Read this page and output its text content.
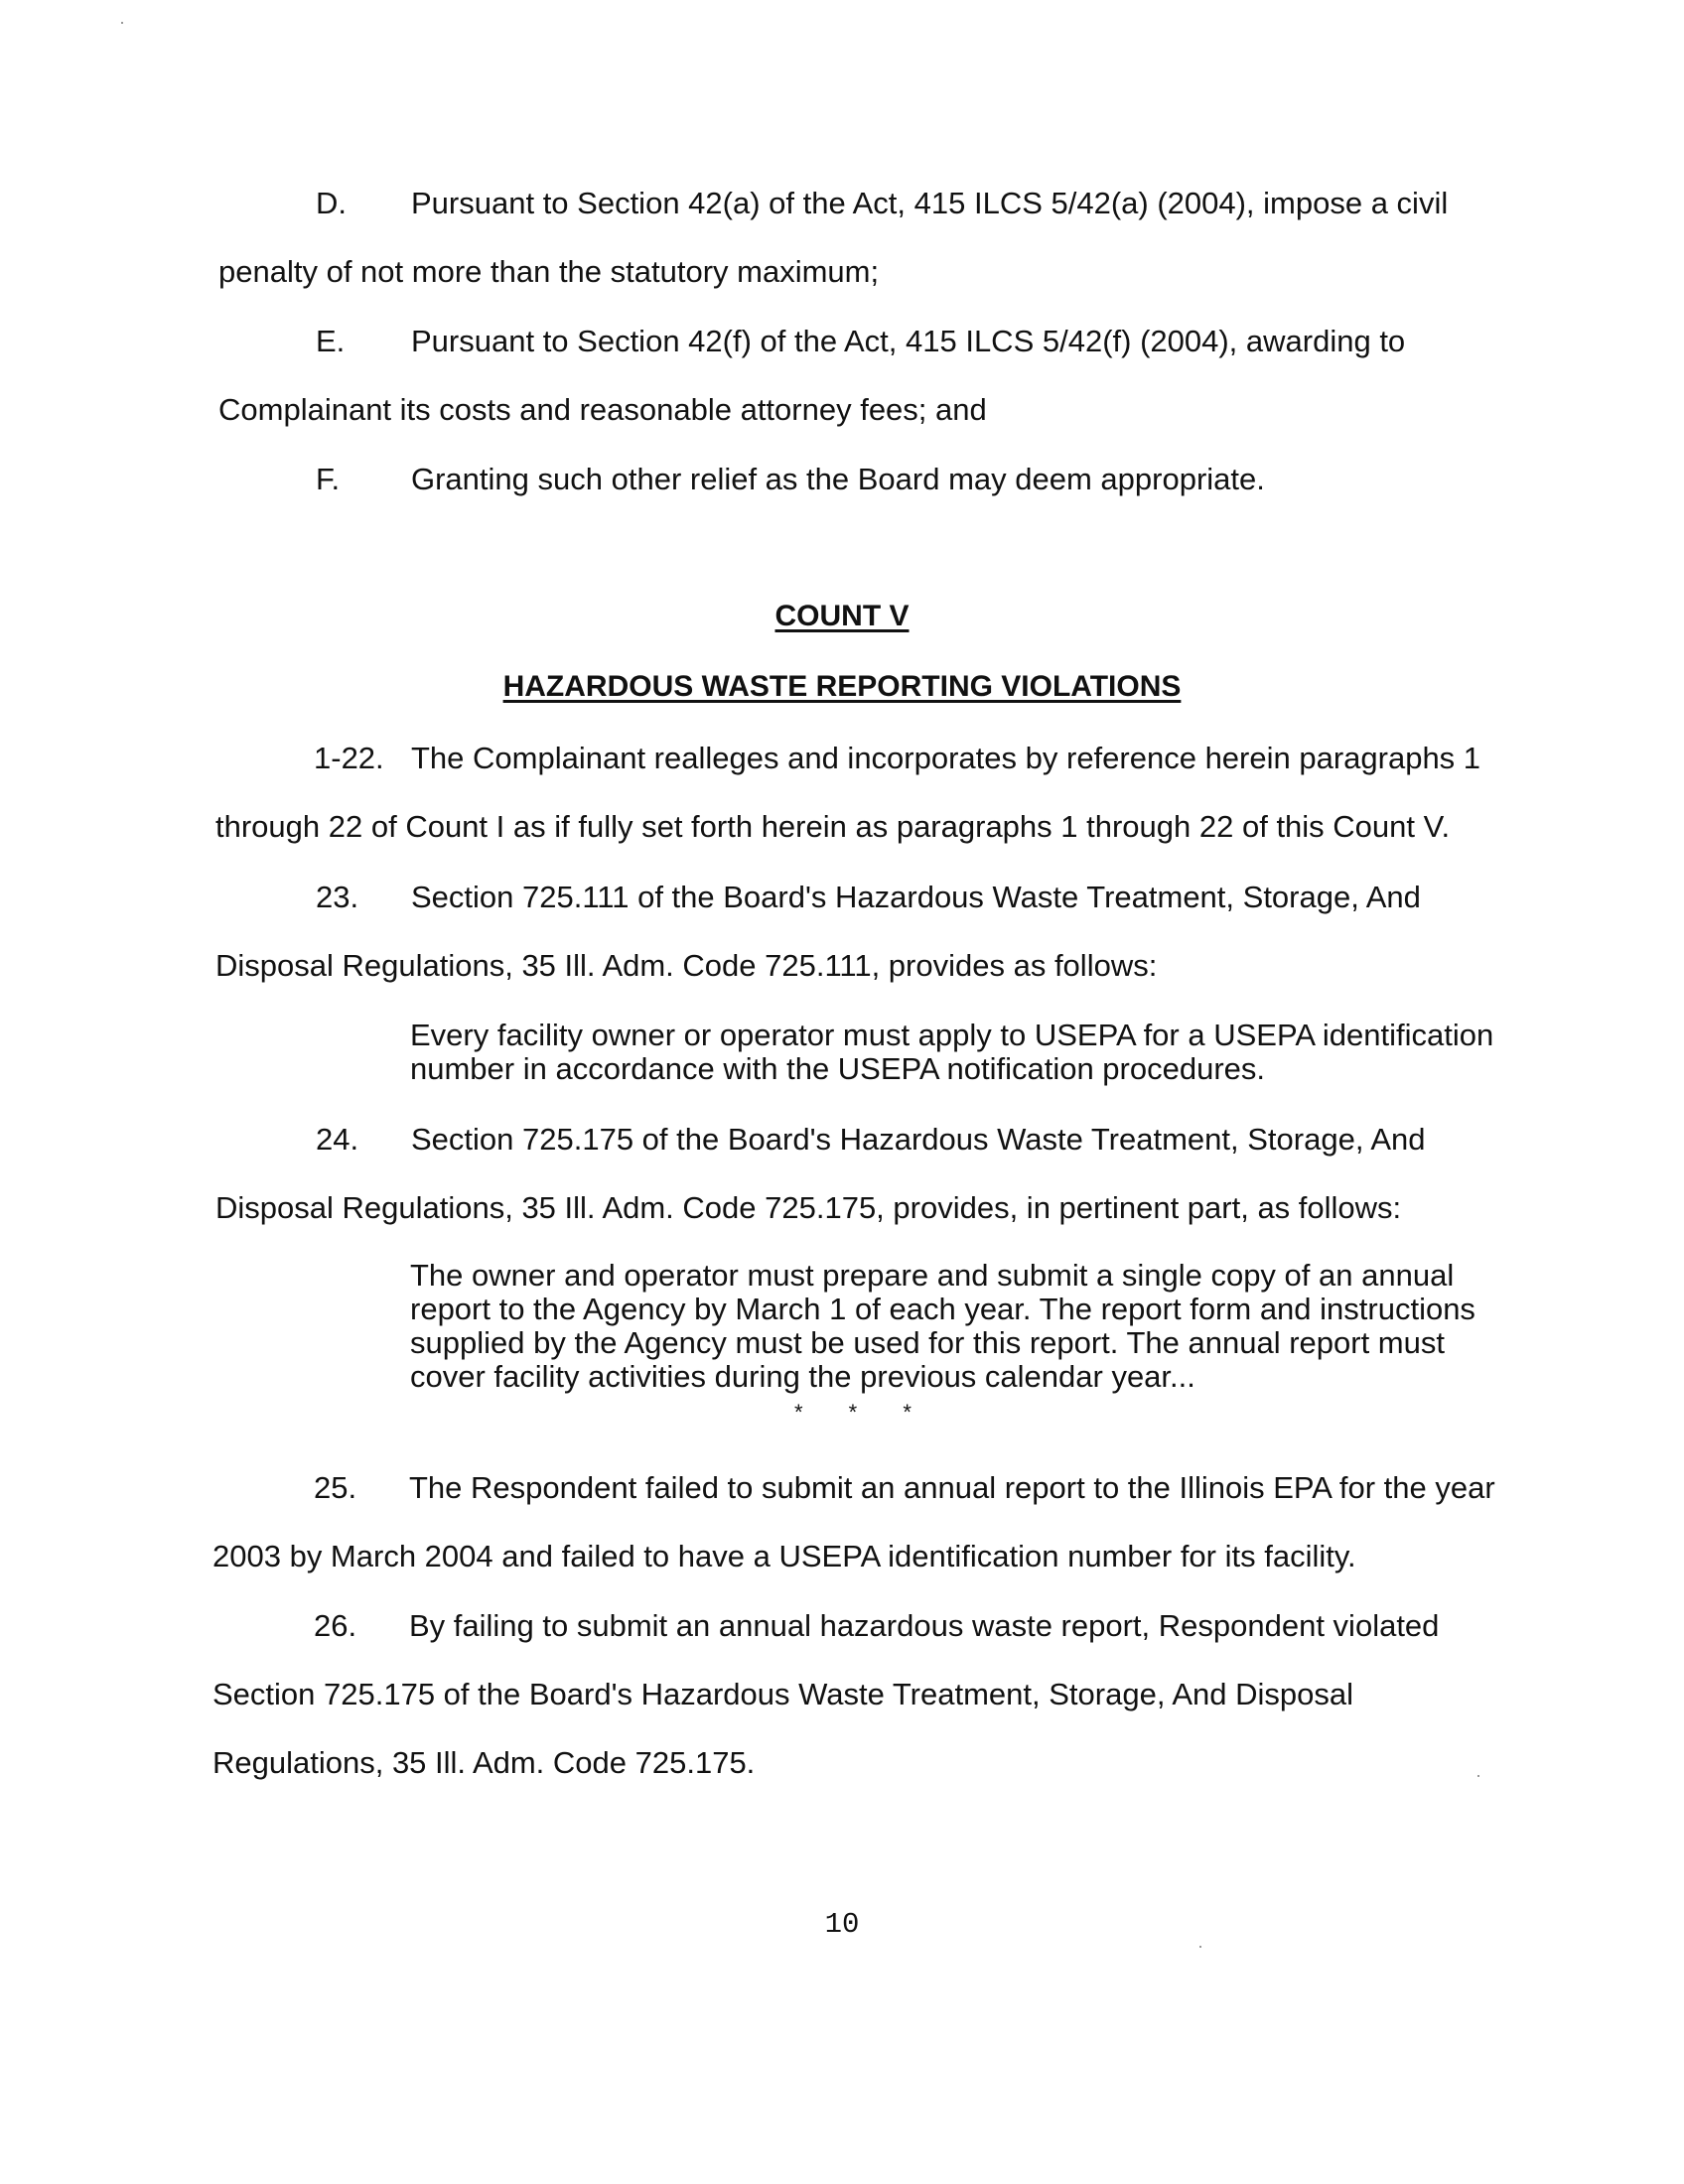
D. Pursuant to Section 42(a) of the Act, 415 ILCS 5/42(a) (2004), impose a civil
penalty of not more than the statutory maximum;
E. Pursuant to Section 42(f) of the Act, 415 ILCS 5/42(f) (2004), awarding to
Complainant its costs and reasonable attorney fees; and
F. Granting such other relief as the Board may deem appropriate.
COUNT V
HAZARDOUS WASTE REPORTING VIOLATIONS
1-22. The Complainant realleges and incorporates by reference herein paragraphs 1
through 22 of Count I as if fully set forth herein as paragraphs 1 through 22 of this Count V.
23. Section 725.111 of the Board's Hazardous Waste Treatment, Storage, And
Disposal Regulations, 35 Ill. Adm. Code 725.111, provides as follows:
Every facility owner or operator must apply to USEPA for a USEPA identification
number in accordance with the USEPA notification procedures.
24. Section 725.175 of the Board's Hazardous Waste Treatment, Storage, And
Disposal Regulations, 35 Ill. Adm. Code 725.175, provides, in pertinent part, as follows:
The owner and operator must prepare and submit a single copy of an annual
report to the Agency by March 1 of each year. The report form and instructions
supplied by the Agency must be used for this report. The annual report must
cover facility activities during the previous calendar year...
* * *
25. The Respondent failed to submit an annual report to the Illinois EPA for the year
2003 by March 2004 and failed to have a USEPA identification number for its facility.
26. By failing to submit an annual hazardous waste report, Respondent violated
Section 725.175 of the Board's Hazardous Waste Treatment, Storage, And Disposal
Regulations, 35 Ill. Adm. Code 725.175.
10
